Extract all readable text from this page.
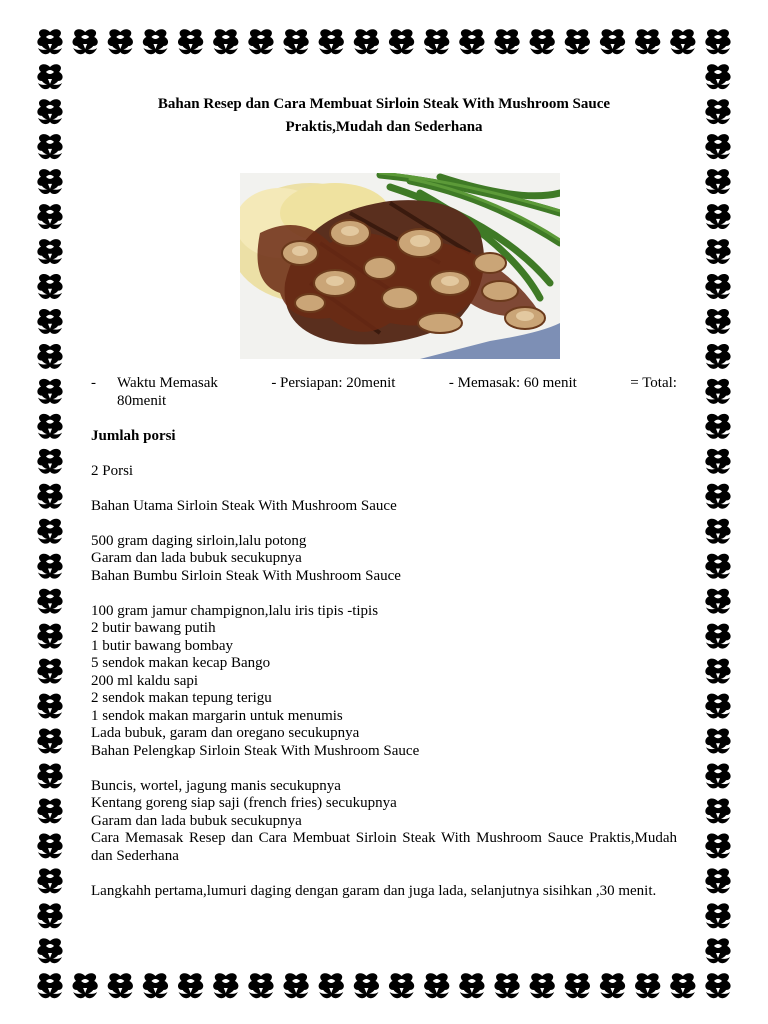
Bahan Resep dan Cara Membuat Sirloin Steak With Mushroom Sauce

Praktis,Mudah dan Sederhana

- Waktu Memasak	- Persiapan: 20menit	- Memasak: 60 menit	= Total:

80menit

Jumlah porsi

2 Porsi

Bahan Utama Sirloin Steak With Mushroom Sauce

500 gram daging sirloin,lalu potong

Garam dan lada bubuk secukupnya

Bahan Bumbu Sirloin Steak With Mushroom Sauce

100 gram jamur champignon,lalu iris tipis -tipis

2 butir bawang putih

1 butir bawang bombay

5 sendok makan kecap Bango

200 ml kaldu sapi

2 sendok makan tepung terigu

1 sendok makan margarin untuk menumis

Lada bubuk, garam dan oregano secukupnya

Bahan Pelengkap Sirloin Steak With Mushroom Sauce

Buncis, wortel, jagung manis secukupnya

Kentang goreng siap saji (french fries) secukupnya

Garam dan lada bubuk secukupnya

Cara Memasak Resep dan Cara Membuat Sirloin Steak With Mushroom Sauce Praktis,Mudah dan Sederhana

Langkahh pertama,lumuri daging dengan garam dan juga lada, selanjutnya sisihkan ,30 menit.
